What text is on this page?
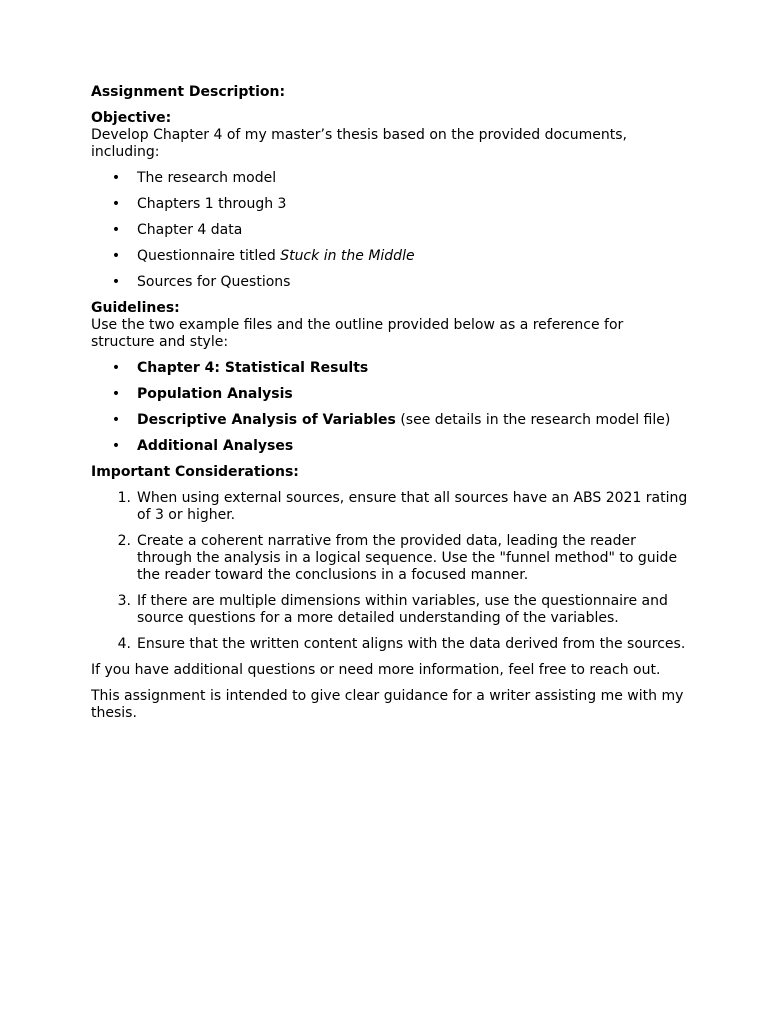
Assignment Description:

Objective:

Develop Chapter 4 of my master’s thesis based on the provided documents, including:

• The research model
• Chapters 1 through 3
• Chapter 4 data
• Questionnaire titled Stuck in the Middle
• Sources for Questions

Guidelines:

Use the two example files and the outline provided below as a reference for structure and style:

• Chapter 4: Statistical Results
• Population Analysis
• Descriptive Analysis of Variables (see details in the research model file)
• Additional Analyses

Important Considerations:

1. When using external sources, ensure that all sources have an ABS 2021 rating of 3 or higher.
2. Create a coherent narrative from the provided data, leading the reader through the analysis in a logical sequence. Use the "funnel method" to guide the reader toward the conclusions in a focused manner.
3. If there are multiple dimensions within variables, use the questionnaire and source questions for a more detailed understanding of the variables.
4. Ensure that the written content aligns with the data derived from the sources.

If you have additional questions or need more information, feel free to reach out.

This assignment is intended to give clear guidance for a writer assisting me with my thesis.
